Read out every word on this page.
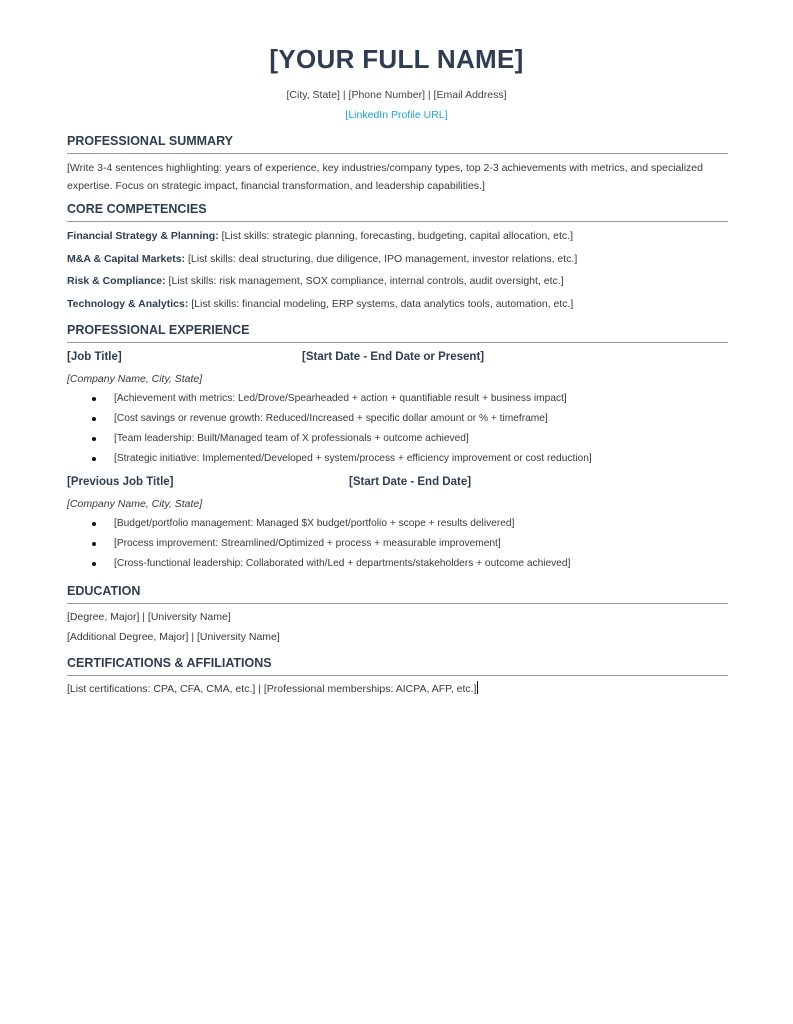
[YOUR FULL NAME]
[City, State] | [Phone Number] | [Email Address]
[LinkedIn Profile URL]
PROFESSIONAL SUMMARY
[Write 3-4 sentences highlighting: years of experience, key industries/company types, top 2-3 achievements with metrics, and specialized expertise. Focus on strategic impact, financial transformation, and leadership capabilities.]
CORE COMPETENCIES
Financial Strategy & Planning: [List skills: strategic planning, forecasting, budgeting, capital allocation, etc.]
M&A & Capital Markets: [List skills: deal structuring, due diligence, IPO management, investor relations, etc.]
Risk & Compliance: [List skills: risk management, SOX compliance, internal controls, audit oversight, etc.]
Technology & Analytics: [List skills: financial modeling, ERP systems, data analytics tools, automation, etc.]
PROFESSIONAL EXPERIENCE
[Job Title]	[Start Date - End Date or Present]
[Company Name, City, State]
[Achievement with metrics: Led/Drove/Spearheaded + action + quantifiable result + business impact]
[Cost savings or revenue growth: Reduced/Increased + specific dollar amount or % + timeframe]
[Team leadership: Built/Managed team of X professionals + outcome achieved]
[Strategic initiative: Implemented/Developed + system/process + efficiency improvement or cost reduction]
[Previous Job Title]	[Start Date - End Date]
[Company Name, City, State]
[Budget/portfolio management: Managed $X budget/portfolio + scope + results delivered]
[Process improvement: Streamlined/Optimized + process + measurable improvement]
[Cross-functional leadership: Collaborated with/Led + departments/stakeholders + outcome achieved]
EDUCATION
[Degree, Major] | [University Name]
[Additional Degree, Major] | [University Name]
CERTIFICATIONS & AFFILIATIONS
[List certifications: CPA, CFA, CMA, etc.] | [Professional memberships: AICPA, AFP, etc.]
